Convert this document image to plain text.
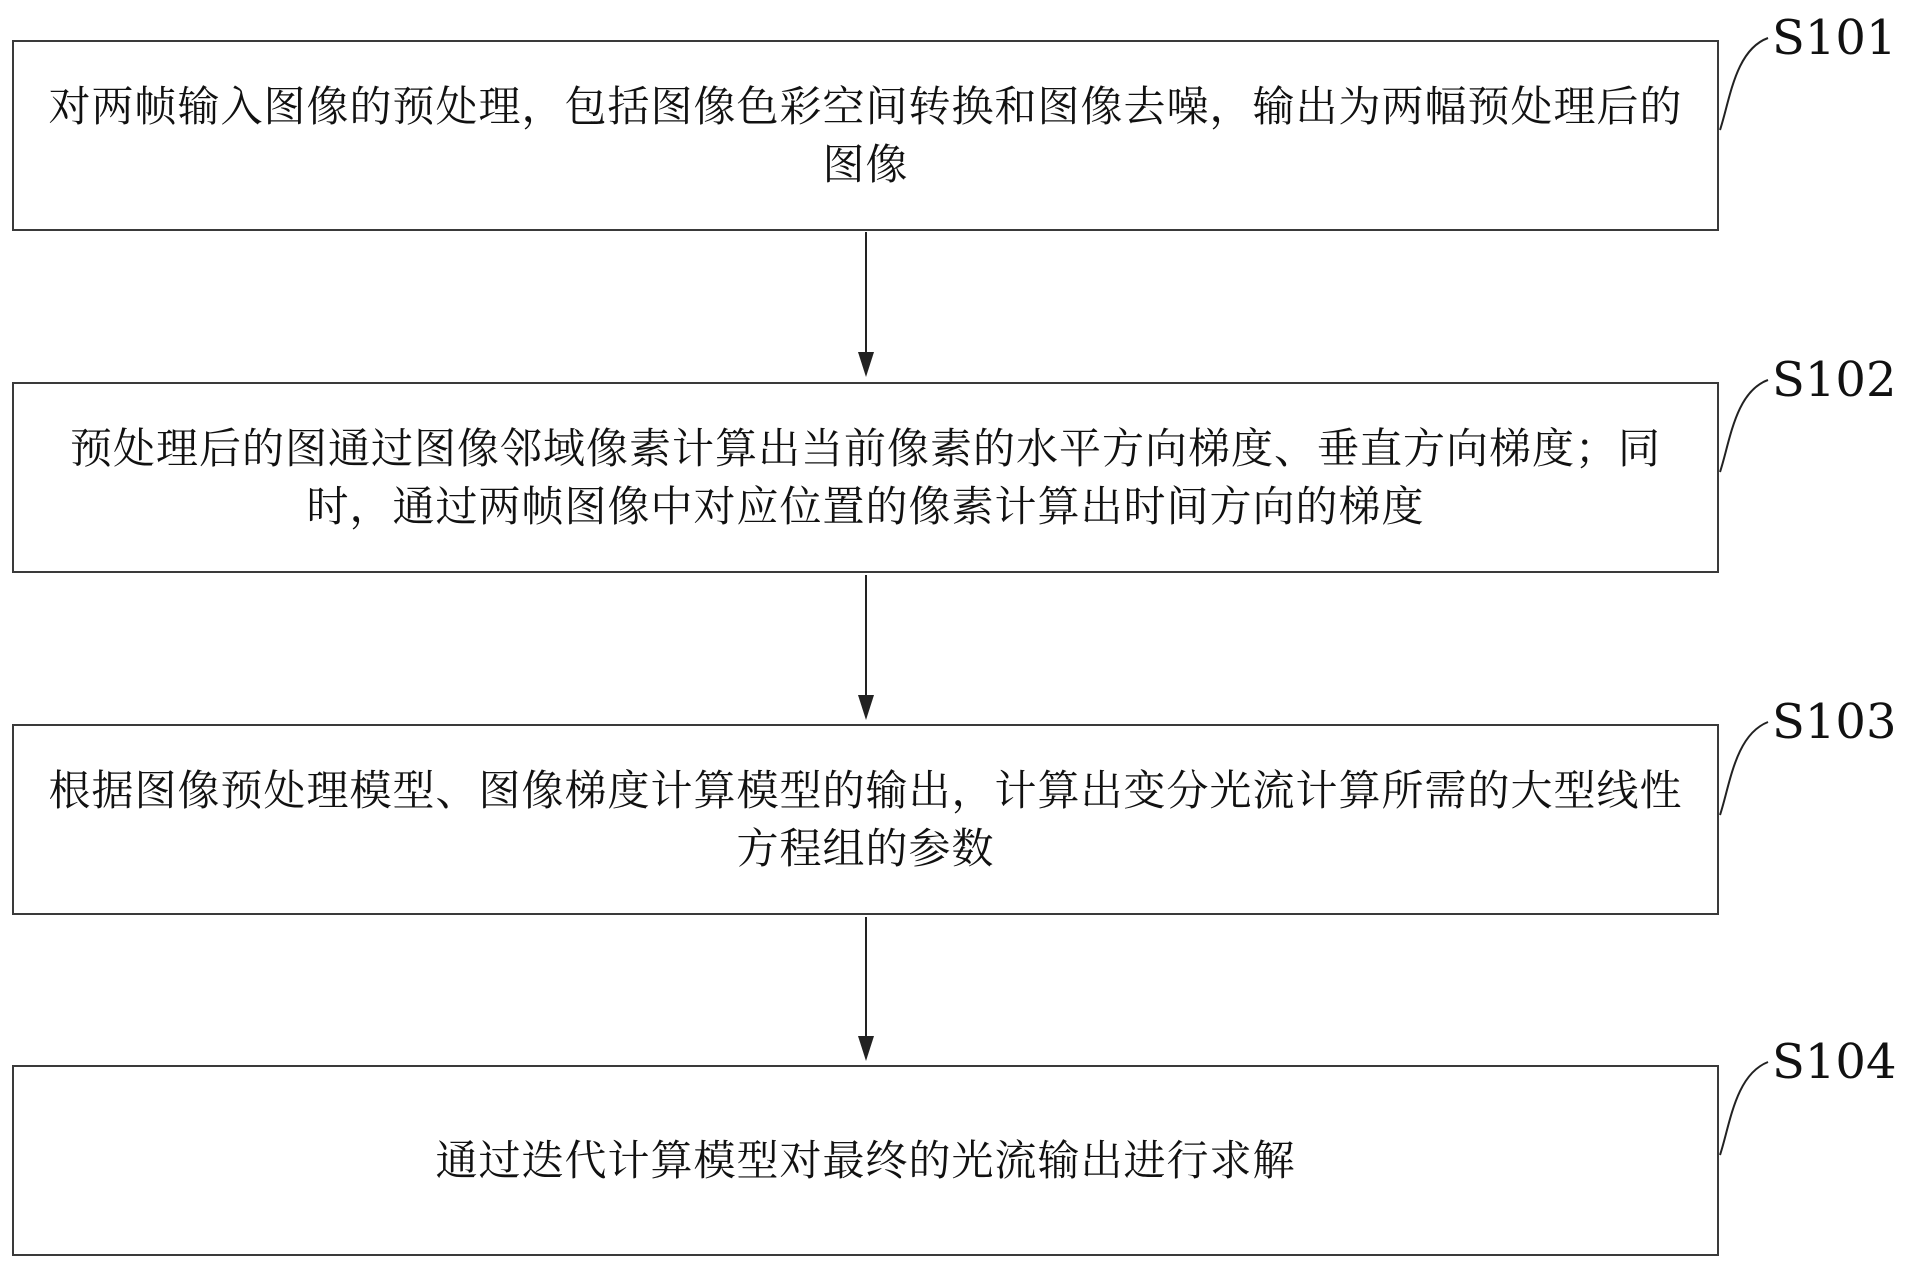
对两帧输入图像的预处理，包括图像色彩空间转换和图像去噪，输出为两幅预处理后的图像
S101
预处理后的图通过图像邻域像素计算出当前像素的水平方向梯度、垂直方向梯度；同时，通过两帧图像中对应位置的像素计算出时间方向的梯度
S102
根据图像预处理模型、图像梯度计算模型的输出，计算出变分光流计算所需的大型线性方程组的参数
S103
通过迭代计算模型对最终的光流输出进行求解
S104
